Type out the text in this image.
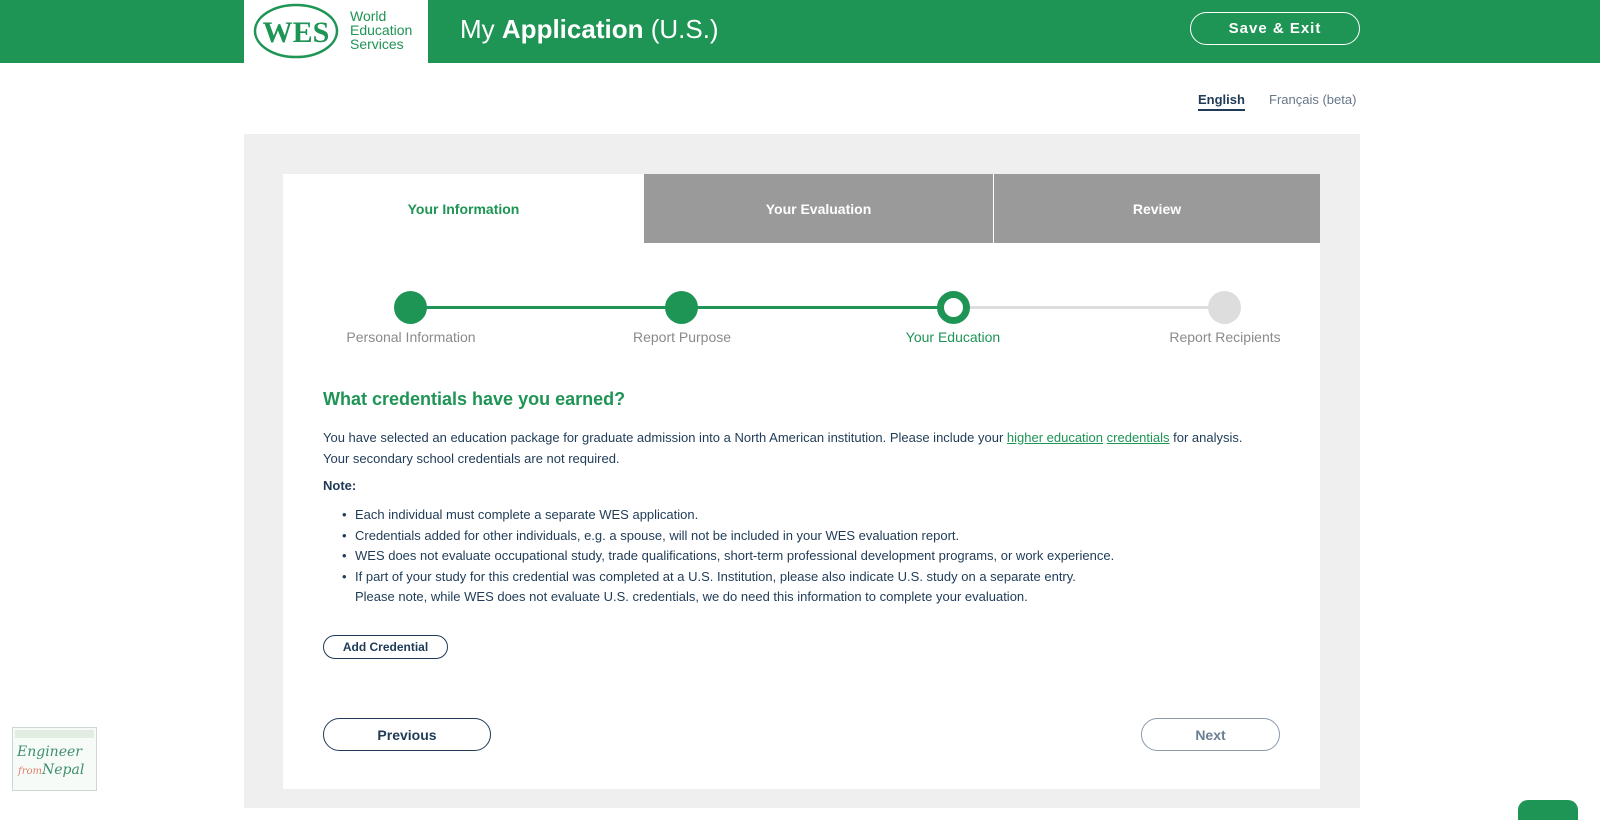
WES World
Education
Services	My Application (U.S.)	Save & Exit
English Français (beta)
Your Information	Your Evaluation	Review
Personal Information	Report Purpose	Your Education	Report Recipients
What credentials have you earned?
You have selected an education package for graduate admission into a North American institution. Please include your higher education credentials for analysis.
Your secondary school credentials are not required.
Note:
• Each individual must complete a separate WES application.
• Credentials added for other individuals, e.g. a spouse, will not be included in your WES evaluation report.
• WES does not evaluate occupational study, trade qualifications, short-term professional development programs, or work experience.
• If part of your study for this credential was completed at a U.S. Institution, please also indicate U.S. study on a separate entry.
Please note, while WES does not evaluate U.S. credentials, we do need this information to complete your evaluation.
Add Credential
Previous	Next
Engineer
fromNepal
